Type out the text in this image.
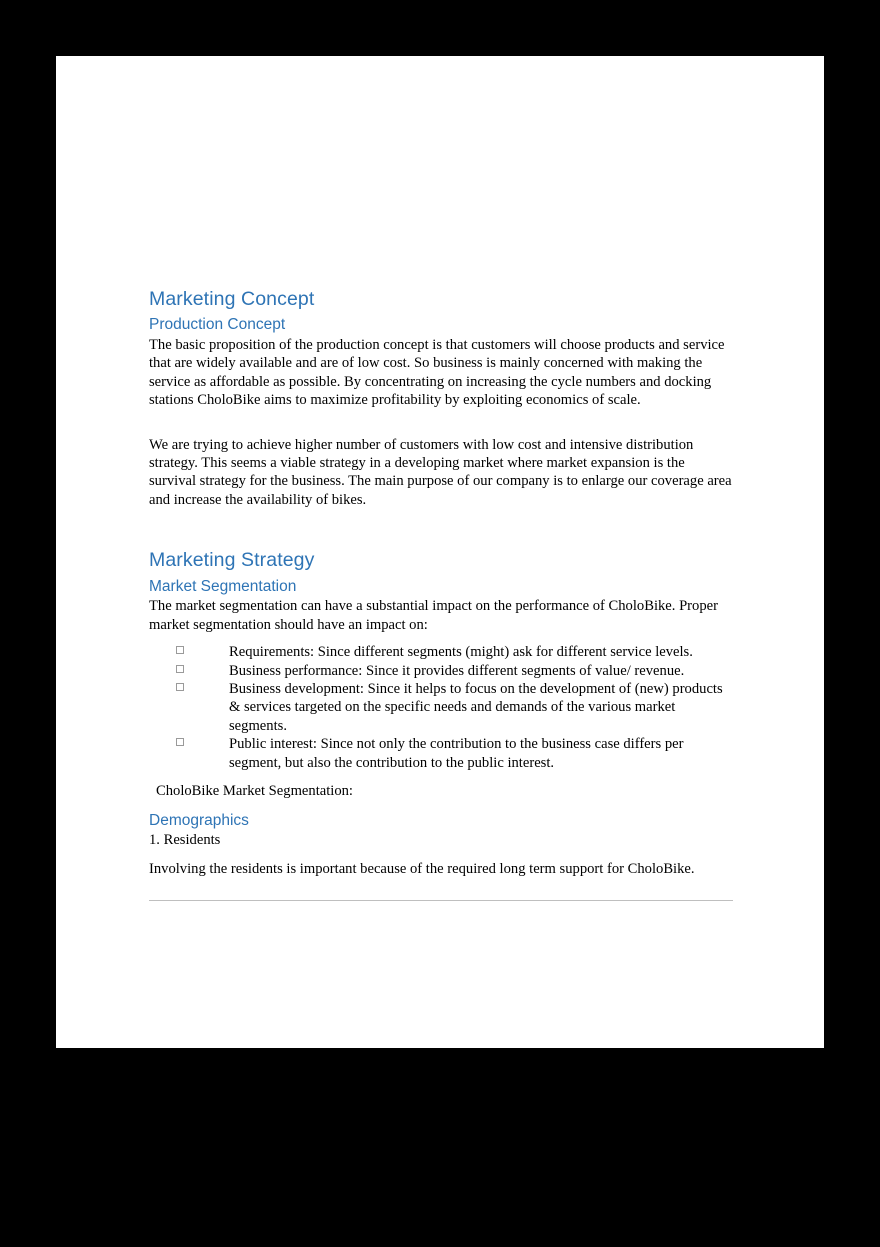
Marketing Concept
Production Concept

The basic proposition of the production concept is that customers will choose products and service that are widely available and are of low cost. So business is mainly concerned with making the service as affordable as possible. By concentrating on increasing the cycle numbers and docking stations CholoBike aims to maximize profitability by exploiting economics of scale.

We are trying to achieve higher number of customers with low cost and intensive distribution strategy. This seems a viable strategy in a developing market where market expansion is the survival strategy for the business. The main purpose of our company is to enlarge our coverage area and increase the availability of bikes.

Marketing Strategy
Market Segmentation

The market segmentation can have a substantial impact on the performance of CholoBike. Proper market segmentation should have an impact on:

Requirements: Since different segments (might) ask for different service levels.
Business performance: Since it provides different segments of value/ revenue.
Business development: Since it helps to focus on the development of (new) products & services targeted on the specific needs and demands of the various market segments.
Public interest: Since not only the contribution to the business case differs per segment, but also the contribution to the public interest.

CholoBike Market Segmentation:

Demographics

1. Residents

Involving the residents is important because of the required long term support for CholoBike.
